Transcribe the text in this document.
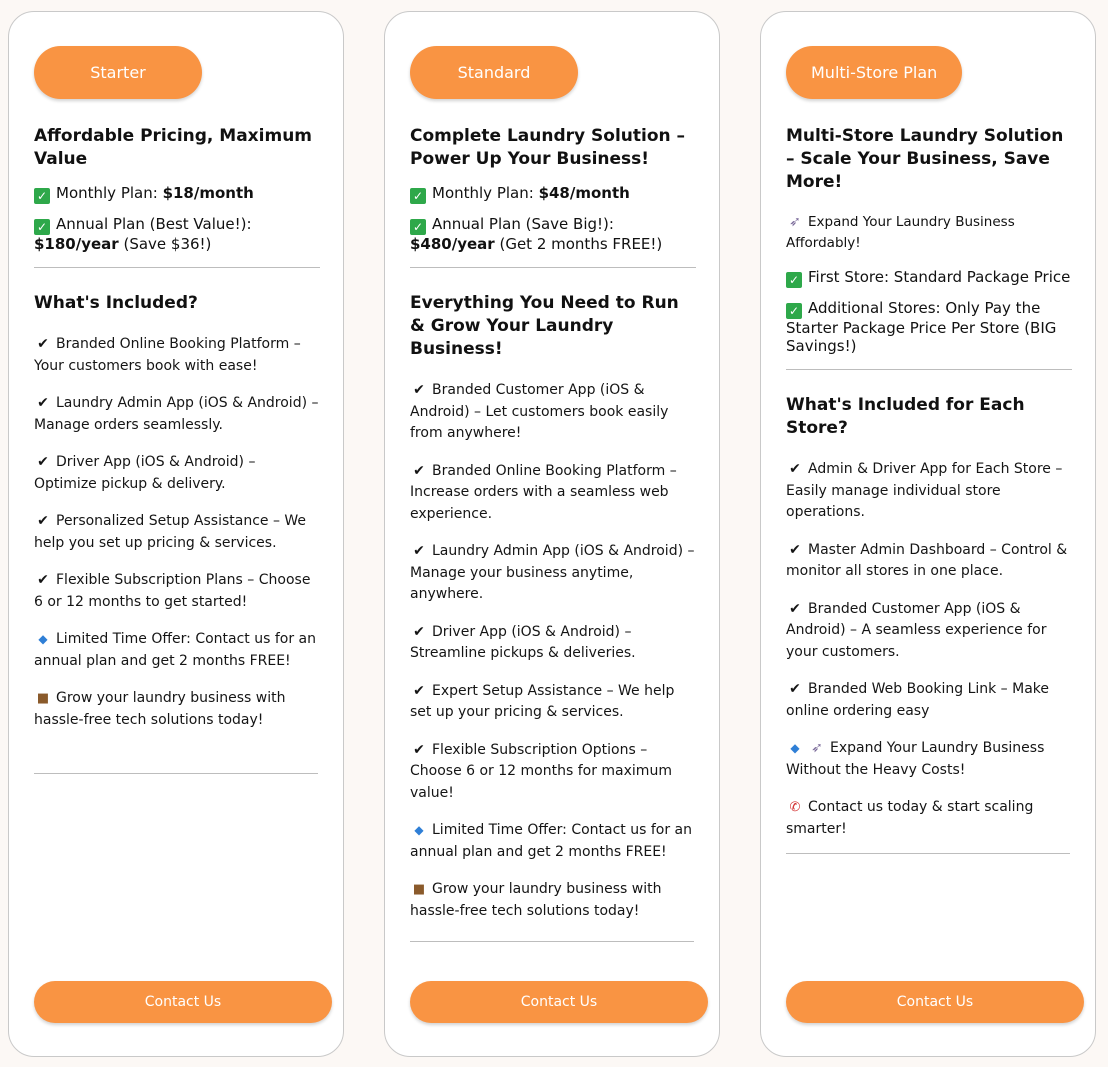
Starter
Affordable Pricing, Maximum Value
✓ Monthly Plan: $18/month
✓ Annual Plan (Best Value!):
$180/year (Save $36!)
What's Included?
✔ Branded Online Booking Platform – Your customers book with ease!
✔ Laundry Admin App (iOS & Android) – Manage orders seamlessly.
✔ Driver App (iOS & Android) – Optimize pickup & delivery.
✔ Personalized Setup Assistance – We help you set up pricing & services.
✔ Flexible Subscription Plans – Choose 6 or 12 months to get started!
◆ Limited Time Offer: Contact us for an annual plan and get 2 months FREE!
■ Grow your laundry business with hassle-free tech solutions today!
Contact Us
Standard
Complete Laundry Solution – Power Up Your Business!
✓ Monthly Plan: $48/month
✓ Annual Plan (Save Big!):
$480/year (Get 2 months FREE!)
Everything You Need to Run & Grow Your Laundry Business!
✔ Branded Customer App (iOS & Android) – Let customers book easily from anywhere!
✔ Branded Online Booking Platform – Increase orders with a seamless web experience.
✔ Laundry Admin App (iOS & Android) – Manage your business anytime, anywhere.
✔ Driver App (iOS & Android) – Streamline pickups & deliveries.
✔ Expert Setup Assistance – We help set up your pricing & services.
✔ Flexible Subscription Options – Choose 6 or 12 months for maximum value!
◆ Limited Time Offer: Contact us for an annual plan and get 2 months FREE!
■ Grow your laundry business with hassle-free tech solutions today!
Contact Us
Multi-Store Plan
Multi-Store Laundry Solution – Scale Your Business, Save More!
➶ Expand Your Laundry Business Affordably!
✓ First Store: Standard Package Price
✓ Additional Stores: Only Pay the Starter Package Price Per Store (BIG Savings!)
What's Included for Each Store?
✔ Admin & Driver App for Each Store – Easily manage individual store operations.
✔ Master Admin Dashboard – Control & monitor all stores in one place.
✔ Branded Customer App (iOS & Android) – A seamless experience for your customers.
✔ Branded Web Booking Link – Make online ordering easy
◆ ➶ Expand Your Laundry Business Without the Heavy Costs!
✆ Contact us today & start scaling smarter!
Contact Us
